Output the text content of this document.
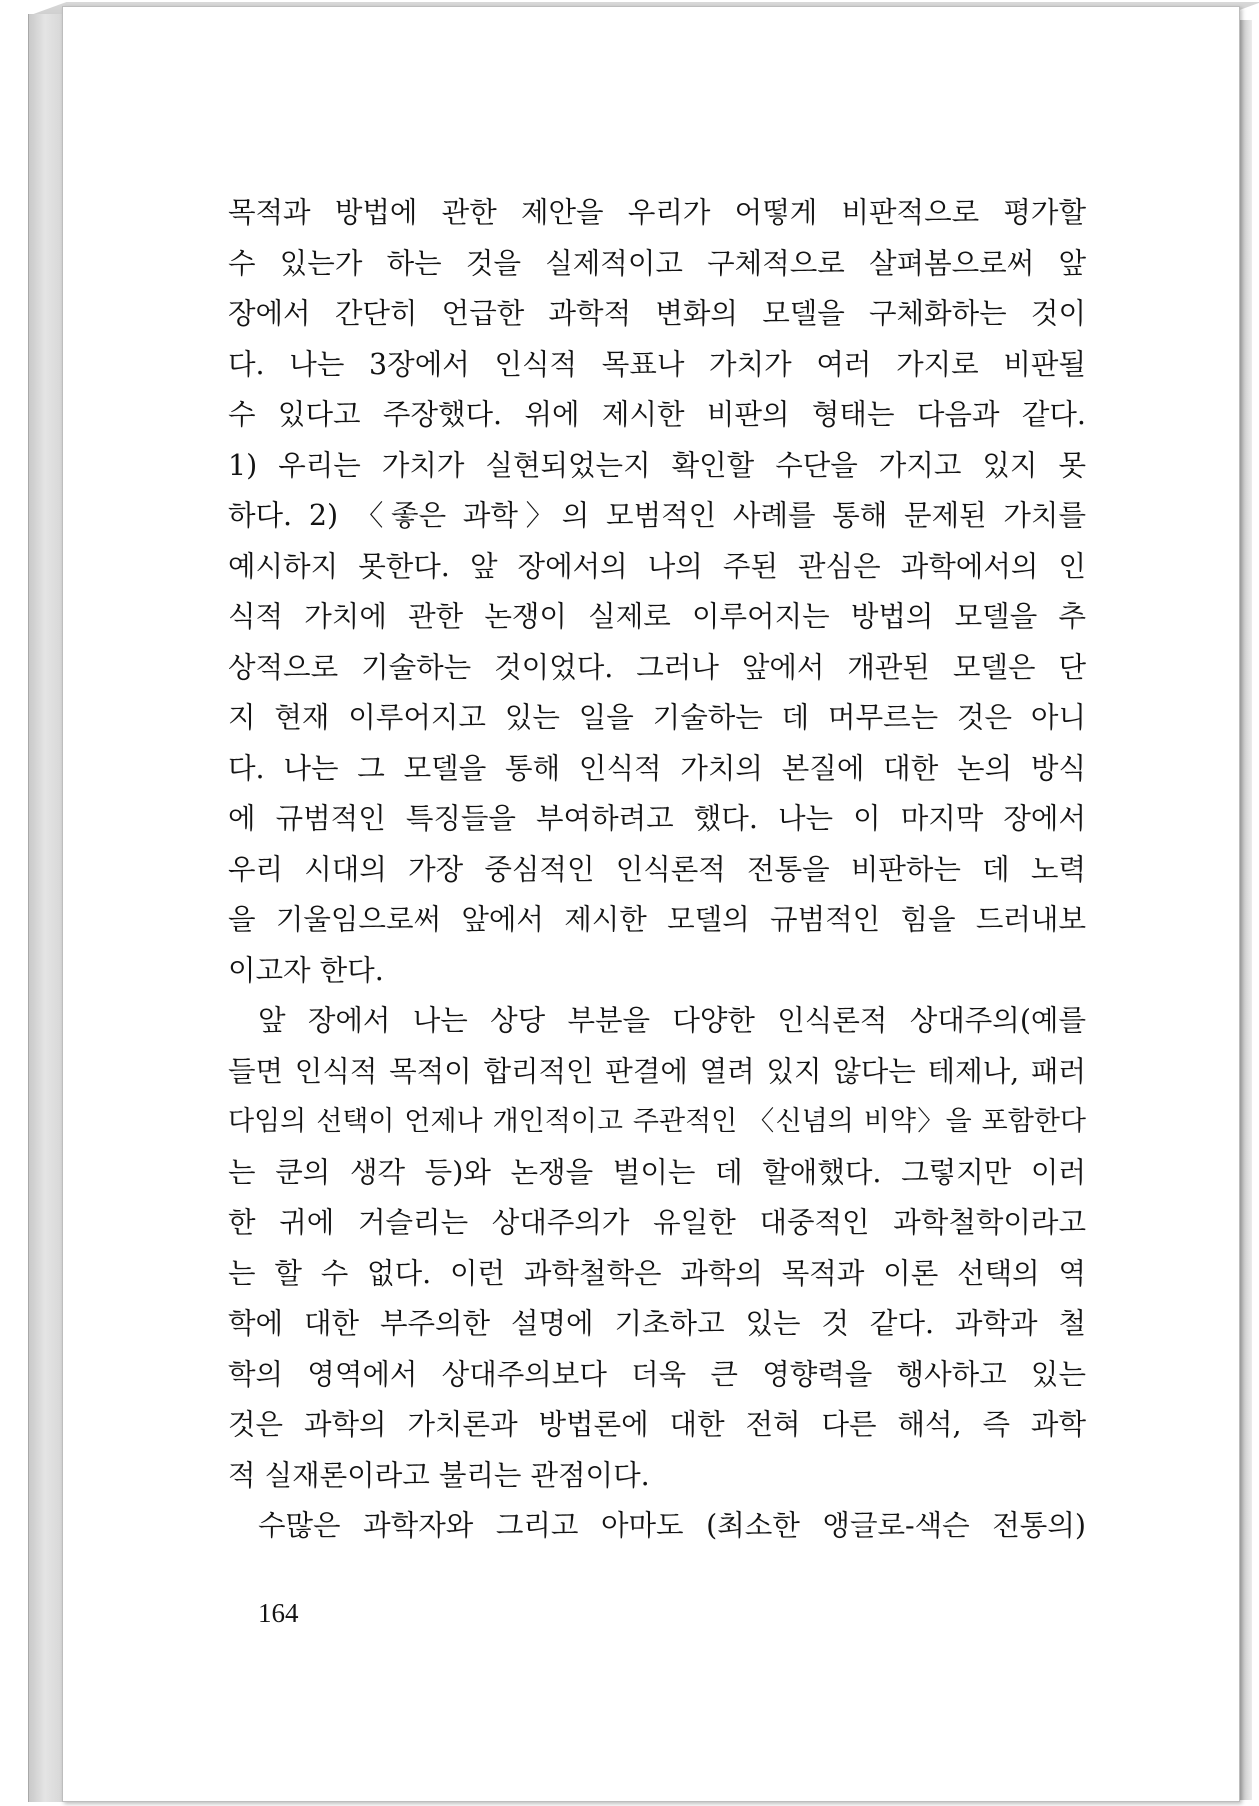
목적과 방법에 관한 제안을 우리가 어떻게 비판적으로 평가할
수 있는가 하는 것을 실제적이고 구체적으로 살펴봄으로써 앞
장에서 간단히 언급한 과학적 변화의 모델을 구체화하는 것이
다. 나는 3장에서 인식적 목표나 가치가 여러 가지로 비판될
수 있다고 주장했다. 위에 제시한 비판의 형태는 다음과 같다.
1) 우리는 가치가 실현되었는지 확인할 수단을 가지고 있지 못
하다. 2) 〈좋은 과학〉의 모범적인 사례를 통해 문제된 가치를
예시하지 못한다. 앞 장에서의 나의 주된 관심은 과학에서의 인
식적 가치에 관한 논쟁이 실제로 이루어지는 방법의 모델을 추
상적으로 기술하는 것이었다. 그러나 앞에서 개관된 모델은 단
지 현재 이루어지고 있는 일을 기술하는 데 머무르는 것은 아니
다. 나는 그 모델을 통해 인식적 가치의 본질에 대한 논의 방식
에 규범적인 특징들을 부여하려고 했다. 나는 이 마지막 장에서
우리 시대의 가장 중심적인 인식론적 전통을 비판하는 데 노력
을 기울임으로써 앞에서 제시한 모델의 규범적인 힘을 드러내보
이고자 한다.
앞 장에서 나는 상당 부분을 다양한 인식론적 상대주의(예를
들면 인식적 목적이 합리적인 판결에 열려 있지 않다는 테제나, 패러
다임의 선택이 언제나 개인적이고 주관적인 〈신념의 비약〉을 포함한다
는 쿤의 생각 등)와 논쟁을 벌이는 데 할애했다. 그렇지만 이러
한 귀에 거슬리는 상대주의가 유일한 대중적인 과학철학이라고
는 할 수 없다. 이런 과학철학은 과학의 목적과 이론 선택의 역
학에 대한 부주의한 설명에 기초하고 있는 것 같다. 과학과 철
학의 영역에서 상대주의보다 더욱 큰 영향력을 행사하고 있는
것은 과학의 가치론과 방법론에 대한 전혀 다른 해석, 즉 과학
적 실재론이라고 불리는 관점이다.
수많은 과학자와 그리고 아마도 (최소한 앵글로-색슨 전통의)
164
